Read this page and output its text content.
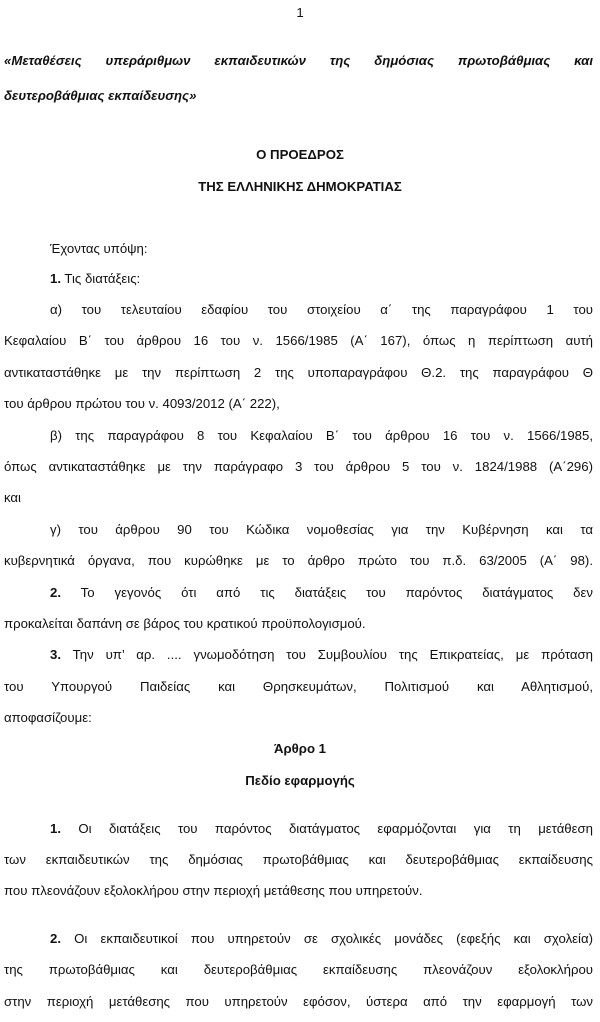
1
«Μεταθέσεις υπεράριθμων εκπαιδευτικών της δημόσιας πρωτοβάθμιας και
δευτεροβάθμιας εκπαίδευσης»
Ο ΠΡΟΕΔΡΟΣ
ΤΗΣ ΕΛΛΗΝΙΚΗΣ ΔΗΜΟΚΡΑΤΙΑΣ
Έχοντας υπόψη:
1. Τις διατάξεις:
α) του τελευταίου εδαφίου του στοιχείου α΄ της παραγράφου 1 του
Κεφαλαίου Β΄ του άρθρου 16 του ν. 1566/1985 (Α΄ 167), όπως η περίπτωση αυτή
αντικαταστάθηκε με την περίπτωση 2 της υποπαραγράφου Θ.2. της παραγράφου Θ
του άρθρου πρώτου του ν. 4093/2012 (Α΄ 222),
β) της παραγράφου 8 του Κεφαλαίου Β΄ του άρθρου 16 του ν. 1566/1985,
όπως αντικαταστάθηκε με την παράγραφο 3 του άρθρου 5 του ν. 1824/1988 (Α΄296)
και
γ) του άρθρου 90 του Κώδικα νομοθεσίας για την Κυβέρνηση και τα
κυβερνητικά όργανα, που κυρώθηκε με το άρθρο πρώτο του π.δ. 63/2005 (Α΄ 98).
2. Το γεγονός ότι από τις διατάξεις του παρόντος διατάγματος δεν
προκαλείται δαπάνη σε βάρος του κρατικού προϋπολογισμού.
3. Την υπ’ αρ. .... γνωμοδότηση του Συμβουλίου της Επικρατείας, με πρόταση
του Υπουργού Παιδείας και Θρησκευμάτων, Πολιτισμού και Αθλητισμού,
αποφασίζουμε:
Άρθρο 1
Πεδίο εφαρμογής
1. Οι διατάξεις του παρόντος διατάγματος εφαρμόζονται για τη μετάθεση
των εκπαιδευτικών της δημόσιας πρωτοβάθμιας και δευτεροβάθμιας εκπαίδευσης
που πλεονάζουν εξολοκλήρου στην περιοχή μετάθεσης που υπηρετούν.
2. Οι εκπαιδευτικοί που υπηρετούν σε σχολικές μονάδες (εφεξής και σχολεία)
της πρωτοβάθμιας και δευτεροβάθμιας εκπαίδευσης πλεονάζουν εξολοκλήρου
στην περιοχή μετάθεσης που υπηρετούν εφόσον, ύστερα από την εφαρμογή των
